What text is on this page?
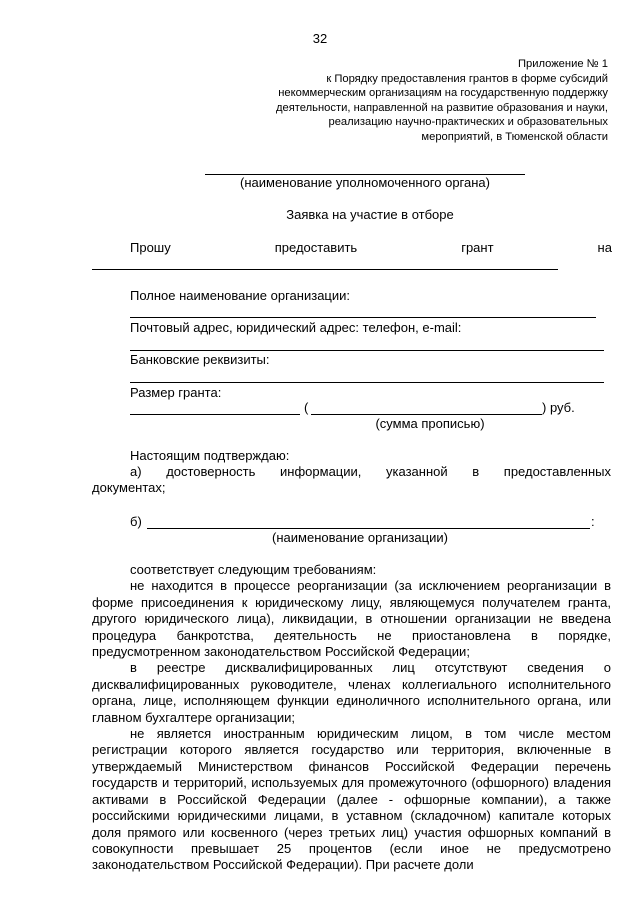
32
Приложение № 1
к Порядку предоставления грантов в форме субсидий
некоммерческим организациям на государственную поддержку
деятельности, направленной на развитие образования и науки,
реализацию научно-практических и образовательных
мероприятий, в Тюменской области
(наименование уполномоченного органа)
Заявка на участие в отборе
Прошу	предоставить	грант	на
Полное наименование организации:
Почтовый адрес, юридический адрес: телефон, e-mail:
Банковские реквизиты:
Размер гранта:
(	) руб.
(сумма прописью)
Настоящим подтверждаю:
а) достоверность информации, указанной в предоставленных
документах;
б)	:
(наименование организации)

соответствует следующим требованиям:

не находится в процессе реорганизации (за исключением реорганизации в форме присоединения к юридическому лицу, являющемуся получателем гранта, другого юридического лица), ликвидации, в отношении организации не введена процедура банкротства, деятельность не приостановлена в порядке, предусмотренном законодательством Российской Федерации;

в реестре дисквалифицированных лиц отсутствуют сведения о дисквалифицированных руководителе, членах коллегиального исполнительного органа, лице, исполняющем функции единоличного исполнительного органа, или главном бухгалтере организации;

не является иностранным юридическим лицом, в том числе местом регистрации которого является государство или территория, включенные в утверждаемый Министерством финансов Российской Федерации перечень государств и территорий, используемых для промежуточного (офшорного) владения активами в Российской Федерации (далее - офшорные компании), а также российскими юридическими лицами, в уставном (складочном) капитале которых доля прямого или косвенного (через третьих лиц) участия офшорных компаний в совокупности превышает 25 процентов (если иное не предусмотрено законодательством Российской Федерации). При расчете доли
